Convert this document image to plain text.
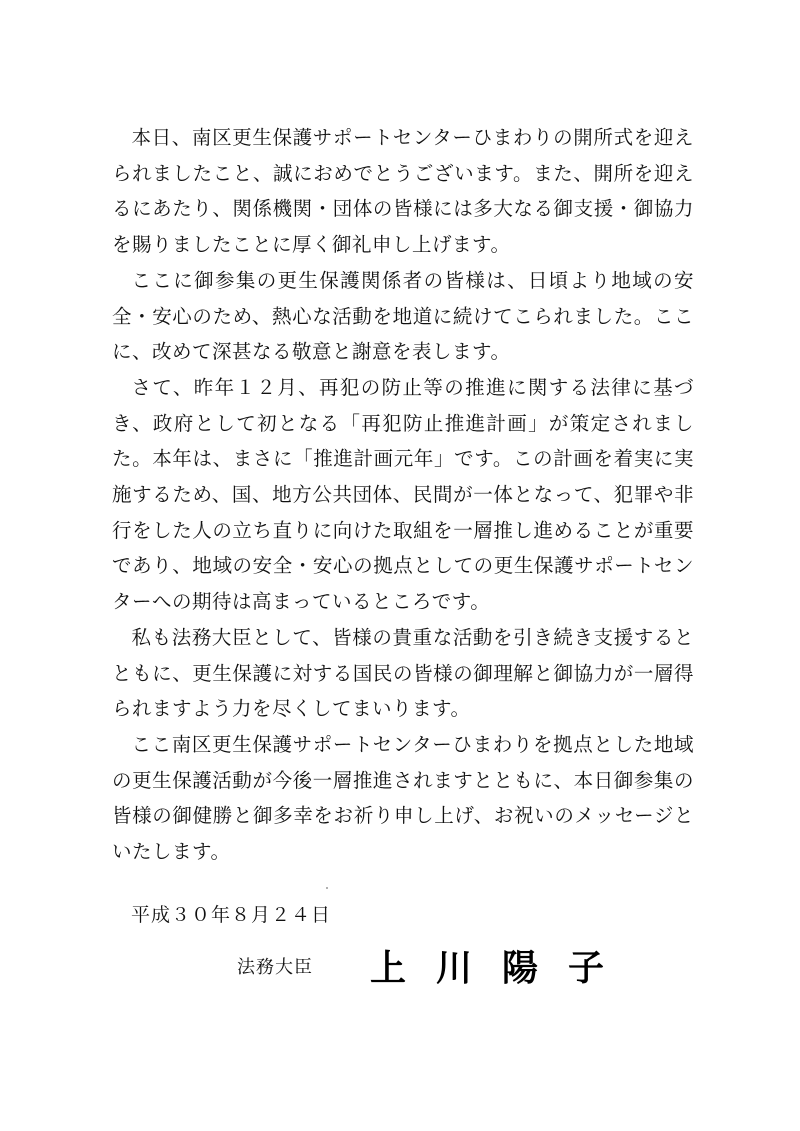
本日、南区更生保護サポートセンターひまわりの開所式を迎えられましたこと、誠におめでとうございます。また、開所を迎えるにあたり、関係機関・団体の皆様には多大なる御支援・御協力を賜りましたことに厚く御礼申し上げます。

ここに御参集の更生保護関係者の皆様は、日頃より地域の安全・安心のため、熱心な活動を地道に続けてこられました。ここに、改めて深甚なる敬意と謝意を表します。

さて、昨年１２月、再犯の防止等の推進に関する法律に基づき、政府として初となる「再犯防止推進計画」が策定されました。本年は、まさに「推進計画元年」です。この計画を着実に実施するため、国、地方公共団体、民間が一体となって、犯罪や非行をした人の立ち直りに向けた取組を一層推し進めることが重要であり、地域の安全・安心の拠点としての更生保護サポートセンターへの期待は高まっているところです。

私も法務大臣として、皆様の貴重な活動を引き続き支援するとともに、更生保護に対する国民の皆様の御理解と御協力が一層得られますよう力を尽くしてまいります。

ここ南区更生保護サポートセンターひまわりを拠点とした地域の更生保護活動が今後一層推進されますとともに、本日御参集の皆様の御健勝と御多幸をお祈り申し上げ、お祝いのメッセージといたします。

平成３０年８月２４日

法務大臣 上川陽子
